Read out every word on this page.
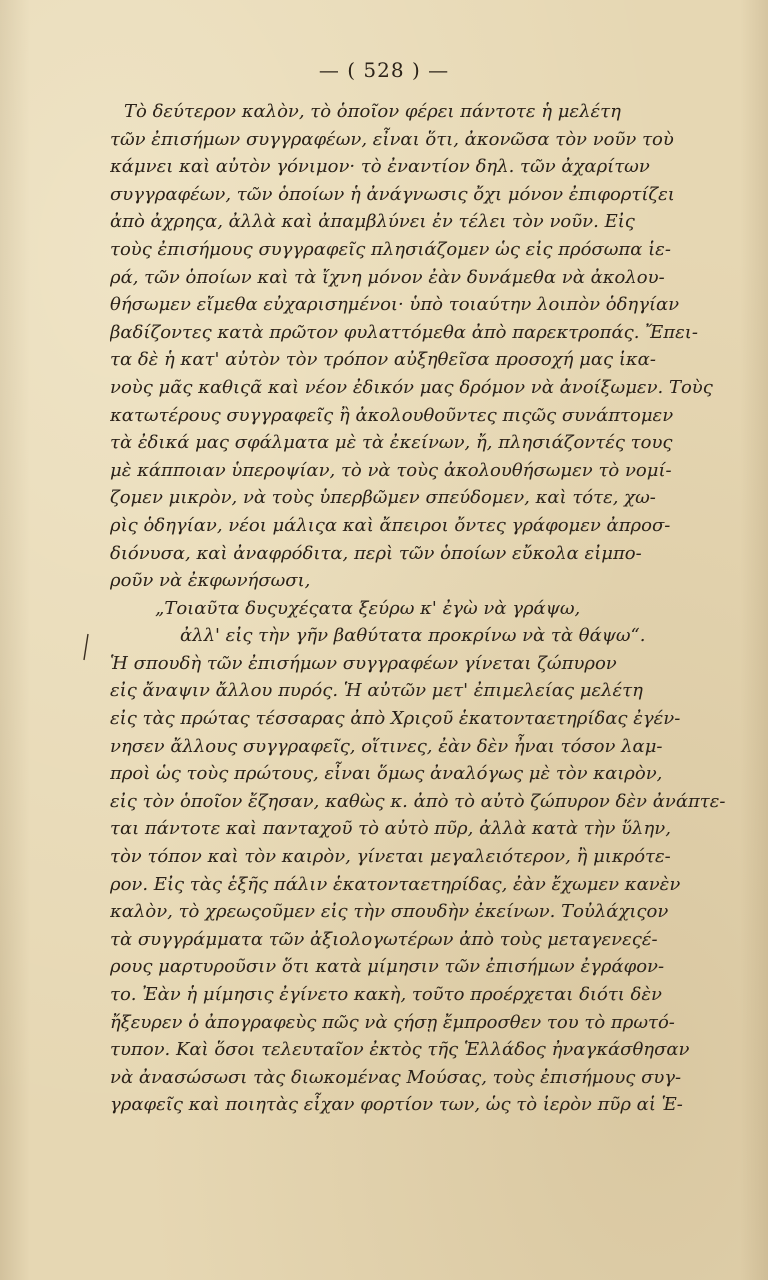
— ( 528 ) —
Τὸ δεύτερον καλὸν, τὸ ὁποῖον φέρει πάντοτε ἡ μελέτη
τῶν ἐπισήμων συγγραφέων, εἶναι ὅτι, ἀκονῶσα τὸν νοῦν τοὺ
κάμνει καὶ αὐτὸν γόνιμον· τὸ ἐναντίον δηλ. τῶν ἀχαρίτων
συγγραφέων, τῶν ὁποίων ἡ ἀνάγνωσις ὄχι μόνον ἐπιφορτίζει
ἀπὸ ἀχρηςα, ἀλλὰ καὶ ἀπαμβλύνει ἐν τέλει τὸν νοῦν. Εἰς
τοὺς ἐπισήμους συγγραφεῖς πλησιάζομεν ὡς εἰς πρόσωπα ἱε-
ρά, τῶν ὁποίων καὶ τὰ ἴχνη μόνον ἐὰν δυνάμεθα νὰ ἀκολου-
θήσωμεν εἴμεθα εὐχαρισημένοι· ὑπὸ τοιαύτην λοιπὸν ὁδηγίαν
βαδίζοντες κατὰ πρῶτον φυλαττόμεθα ἀπὸ παρεκτροπάς. Ἔπει-
τα δὲ ἡ κατ' αὐτὸν τὸν τρόπον αὐξηθεῖσα προσοχή μας ἱκα-
νοὺς μᾶς καθιςᾶ καὶ νέον ἐδικόν μας δρόμον νὰ ἀνοίξωμεν. Τοὺς
κατωτέρους συγγραφεῖς ἢ ἀκολουθοῦντες πιςῶς συνάπτομεν
τὰ ἐδικά μας σφάλματα μὲ τὰ ἐκείνων, ἤ, πλησιάζοντές τους
μὲ κάπποιαν ὑπεροψίαν, τὸ νὰ τοὺς ἀκολουθήσωμεν τὸ νομί-
ζομεν μικρὸν, νὰ τοὺς ὑπερβῶμεν σπεύδομεν, καὶ τότε, χω-
ρὶς ὁδηγίαν, νέοι μάλιςα καὶ ἄπειροι ὄντες γράφομεν ἀπροσ-
διόνυσα, καὶ ἀναφρόδιτα, περὶ τῶν ὁποίων εὔκολα εἰμπο-
ροῦν νὰ ἐκφωνήσωσι,
„Τοιαῦτα δυςυχέςατα ξεύρω κ' ἐγὼ νὰ γράψω,
ἀλλ' εἰς τὴν γῆν βαθύτατα προκρίνω νὰ τὰ θάψω“.
Ἡ σπουδὴ τῶν ἐπισήμων συγγραφέων γίνεται ζώπυρον
εἰς ἄναψιν ἄλλου πυρός. Ἡ αὐτῶν μετ' ἐπιμελείας μελέτη
εἰς τὰς πρώτας τέσσαρας ἀπὸ Χριςοῦ ἑκατονταετηρίδας ἐγέν-
νησεν ἄλλους συγγραφεῖς, οἵτινες, ἐὰν δὲν ἦναι τόσον λαμ-
προὶ ὡς τοὺς πρώτους, εἶναι ὅμως ἀναλόγως μὲ τὸν καιρὸν,
εἰς τὸν ὁποῖον ἔζησαν, καθὼς κ. ἀπὸ τὸ αὐτὸ ζώπυρον δὲν ἀνάπτε-
ται πάντοτε καὶ πανταχοῦ τὸ αὐτὸ πῦρ, ἀλλὰ κατὰ τὴν ὕλην,
τὸν τόπον καὶ τὸν καιρὸν, γίνεται μεγαλειότερον, ἢ μικρότε-
ρον. Εἰς τὰς ἑξῆς πάλιν ἑκατονταετηρίδας, ἐὰν ἔχωμεν κανὲν
καλὸν, τὸ χρεωςοῦμεν εἰς τὴν σπουδὴν ἐκείνων. Τοὐλάχιςον
τὰ συγγράμματα τῶν ἀξιολογωτέρων ἀπὸ τοὺς μεταγενεςέ-
ρους μαρτυροῦσιν ὅτι κατὰ μίμησιν τῶν ἐπισήμων ἐγράφον-
το. Ἐὰν ἡ μίμησις ἐγίνετο κακὴ, τοῦτο προέρχεται διότι δὲν
ἤξευρεν ὁ ἀπογραφεὺς πῶς νὰ ςήσῃ ἔμπροσθεν του τὸ πρωτό-
τυπον. Καὶ ὅσοι τελευταῖον ἐκτὸς τῆς Ἑλλάδος ἠναγκάσθησαν
νὰ ἀνασώσωσι τὰς διωκομένας Μούσας, τοὺς ἐπισήμους συγ-
γραφεῖς καὶ ποιητὰς εἶχαν φορτίον των, ὡς τὸ ἱερὸν πῦρ αἱ Ἑ-
